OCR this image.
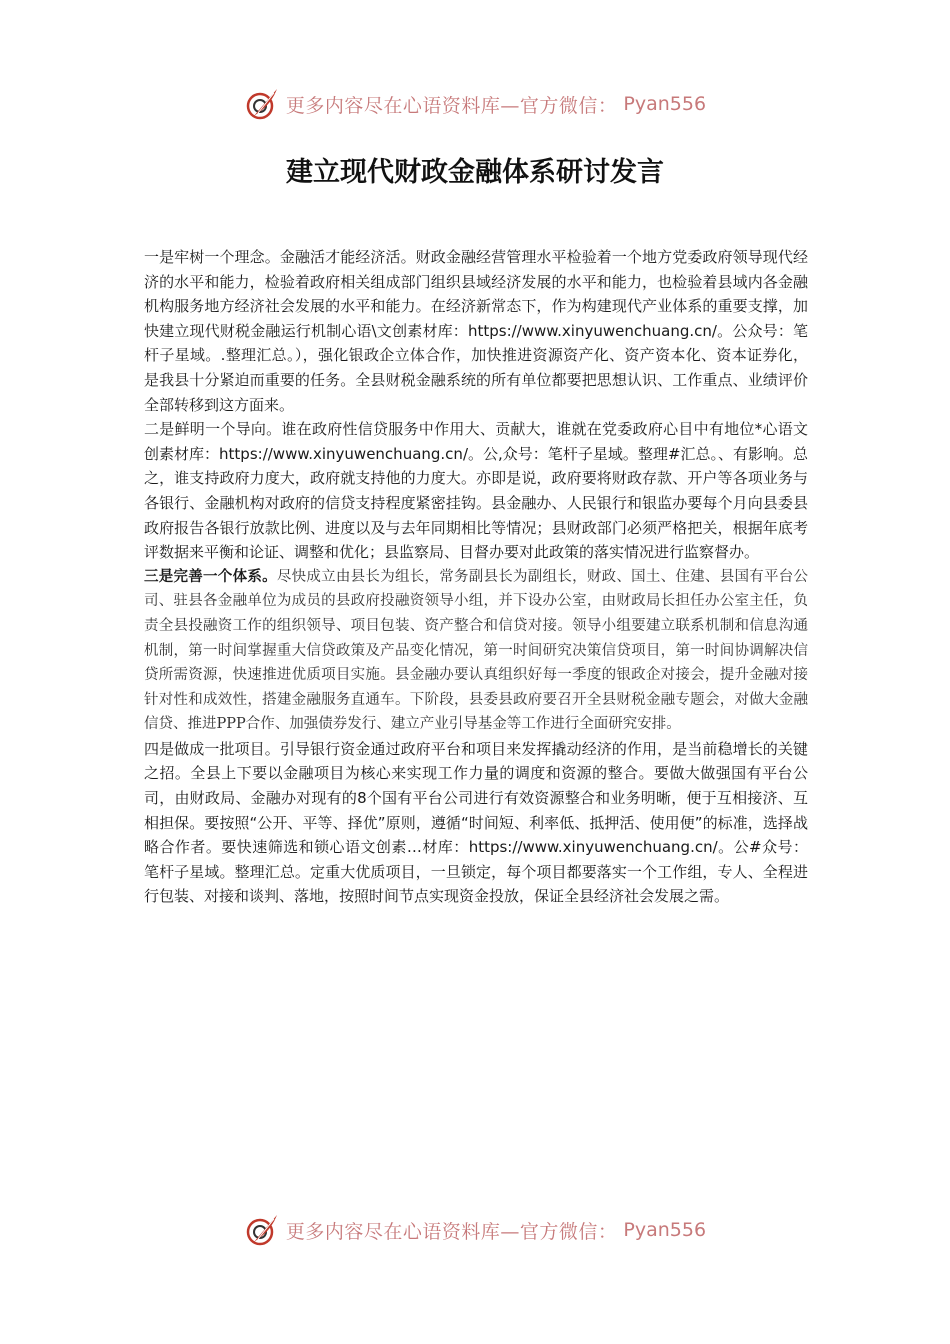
更多内容尽在心语资料库—官方微信： Pyan556
建立现代财政金融体系研讨发言

一是牢树一个理念。金融活才能经济活。财政金融经营管理水平检验着一个地方党委政府领导现代经济的水平和能力，检验着政府相关组成部门组织县域经济发展的水平和能力，也检验着县域内各金融机构服务地方经济社会发展的水平和能力。在经济新常态下，作为构建现代产业体系的重要支撑，加快建立现代财税金融运行机制心语\文创素材库：https://www.xinyuwenchuang.cn/。公众号：笔杆子星域。.整理汇总。），强化银政企立体合作，加快推进资源资产化、资产资本化、资本证券化，是我县十分紧迫而重要的任务。全县财税金融系统的所有单位都要把思想认识、工作重点、业绩评价全部转移到这方面来。

二是鲜明一个导向。谁在政府性信贷服务中作用大、贡献大，谁就在党委政府心目中有地位*心语文创素材库：https://www.xinyuwenchuang.cn/。公,众号：笔杆子星域。整理#汇总。、有影响。总之，谁支持政府力度大，政府就支持他的力度大。亦即是说，政府要将财政存款、开户等各项业务与各银行、金融机构对政府的信贷支持程度紧密挂钩。县金融办、人民银行和银监办要每个月向县委县政府报告各银行放款比例、进度以及与去年同期相比等情况；县财政部门必须严格把关，根据年底考评数据来平衡和论证、调整和优化；县监察局、目督办要对此政策的落实情况进行监察督办。

三是完善一个体系。尽快成立由县长为组长，常务副县长为副组长，财政、国土、住建、县国有平台公司、驻县各金融单位为成员的县政府投融资领导小组，并下设办公室，由财政局长担任办公室主任，负责全县投融资工作的组织领导、项目包装、资产整合和信贷对接。领导小组要建立联系机制和信息沟通机制，第一时间掌握重大信贷政策及产品变化情况，第一时间研究决策信贷项目，第一时间协调解决信贷所需资源，快速推进优质项目实施。县金融办要认真组织好每一季度的银政企对接会，提升金融对接针对性和成效性，搭建金融服务直通车。下阶段，县委县政府要召开全县财税金融专题会，对做大金融信贷、推进PPP合作、加强债券发行、建立产业引导基金等工作进行全面研究安排。

四是做成一批项目。引导银行资金通过政府平台和项目来发挥撬动经济的作用，是当前稳增长的关键之招。全县上下要以金融项目为核心来实现工作力量的调度和资源的整合。要做大做强国有平台公司，由财政局、金融办对现有的8个国有平台公司进行有效资源整合和业务明晰，便于互相接济、互相担保。要按照“公开、平等、择优”原则，遵循“时间短、利率低、抵押活、使用便”的标准，选择战略合作者。要快速筛选和锁心语文创素…材库：https://www.xinyuwenchuang.cn/。公#众号：笔杆子星域。整理汇总。定重大优质项目，一旦锁定，每个项目都要落实一个工作组，专人、全程进行包装、对接和谈判、落地，按照时间节点实现资金投放，保证全县经济社会发展之需。

更多内容尽在心语资料库—官方微信： Pyan556
